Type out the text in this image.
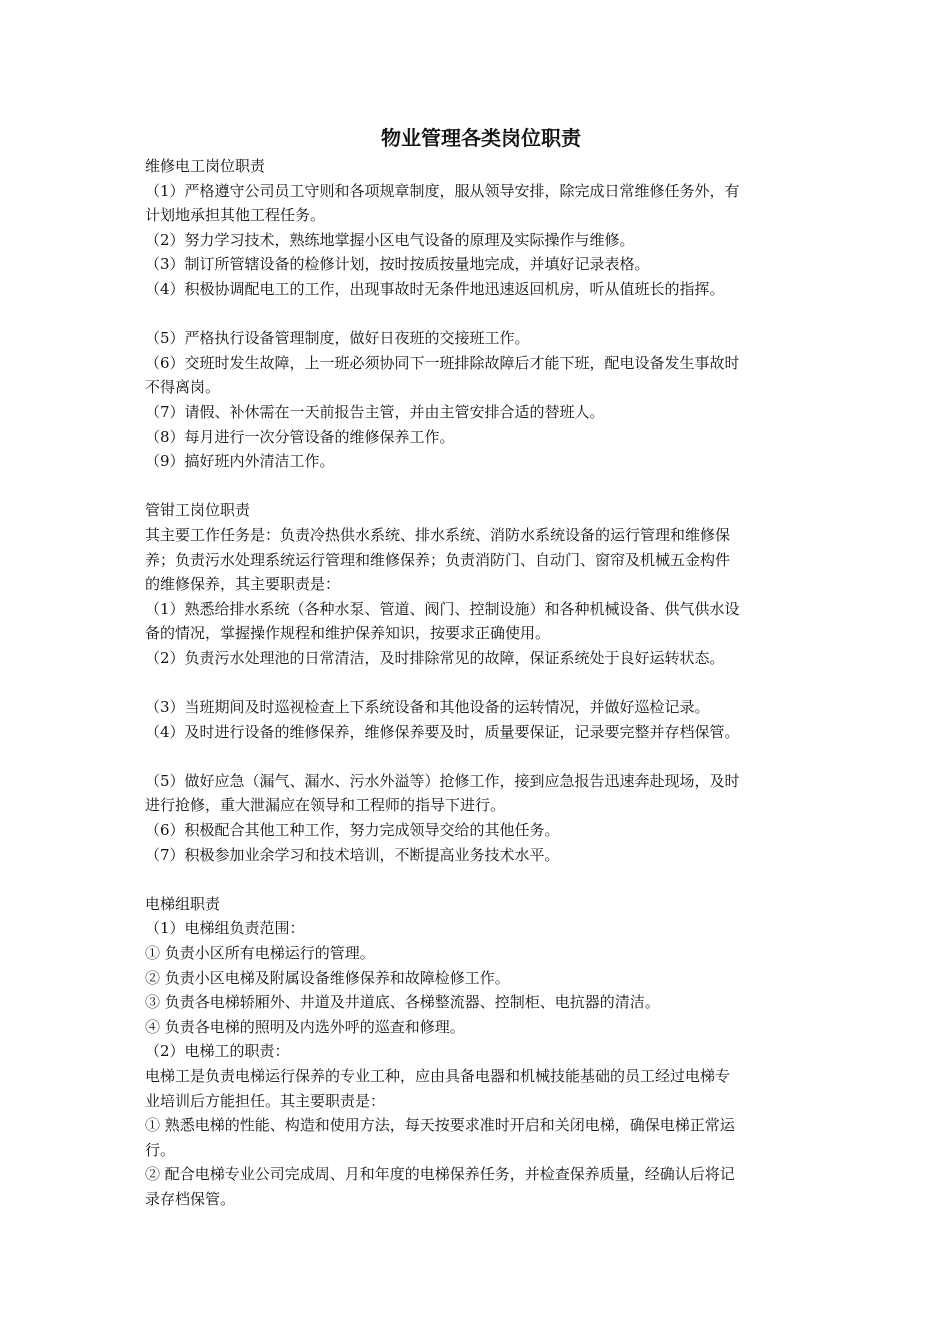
物业管理各类岗位职责
维修电工岗位职责
（1）严格遵守公司员工守则和各项规章制度，服从领导安排，除完成日常维修任务外，有
计划地承担其他工程任务。
（2）努力学习技术，熟练地掌握小区电气设备的原理及实际操作与维修。
（3）制订所管辖设备的检修计划，按时按质按量地完成，并填好记录表格。
（4）积极协调配电工的工作，出现事故时无条件地迅速返回机房，听从值班长的指挥。
（5）严格执行设备管理制度，做好日夜班的交接班工作。
（6）交班时发生故障，上一班必须协同下一班排除故障后才能下班，配电设备发生事故时
不得离岗。
（7）请假、补休需在一天前报告主管，并由主管安排合适的替班人。
（8）每月进行一次分管设备的维修保养工作。
（9）搞好班内外清洁工作。
管钳工岗位职责
其主要工作任务是：负责冷热供水系统、排水系统、消防水系统设备的运行管理和维修保
养；负责污水处理系统运行管理和维修保养；负责消防门、自动门、窗帘及机械五金构件
的维修保养，其主要职责是：
（1）熟悉给排水系统（各种水泵、管道、阀门、控制设施）和各种机械设备、供气供水设
备的情况，掌握操作规程和维护保养知识，按要求正确使用。
（2）负责污水处理池的日常清洁，及时排除常见的故障，保证系统处于良好运转状态。
（3）当班期间及时巡视检查上下系统设备和其他设备的运转情况，并做好巡检记录。
（4）及时进行设备的维修保养，维修保养要及时，质量要保证，记录要完整并存档保管。
（5）做好应急（漏气、漏水、污水外溢等）抢修工作，接到应急报告迅速奔赴现场，及时
进行抢修，重大泄漏应在领导和工程师的指导下进行。
（6）积极配合其他工种工作，努力完成领导交给的其他任务。
（7）积极参加业余学习和技术培训，不断提高业务技术水平。
电梯组职责
（1）电梯组负责范围：
① 负责小区所有电梯运行的管理。
② 负责小区电梯及附属设备维修保养和故障检修工作。
③ 负责各电梯轿厢外、井道及井道底、各梯整流器、控制柜、电抗器的清洁。
④ 负责各电梯的照明及内选外呼的巡查和修理。
（2）电梯工的职责：
电梯工是负责电梯运行保养的专业工种，应由具备电器和机械技能基础的员工经过电梯专
业培训后方能担任。其主要职责是：
① 熟悉电梯的性能、构造和使用方法，每天按要求准时开启和关闭电梯，确保电梯正常运
行。
② 配合电梯专业公司完成周、月和年度的电梯保养任务，并检查保养质量，经确认后将记
录存档保管。
